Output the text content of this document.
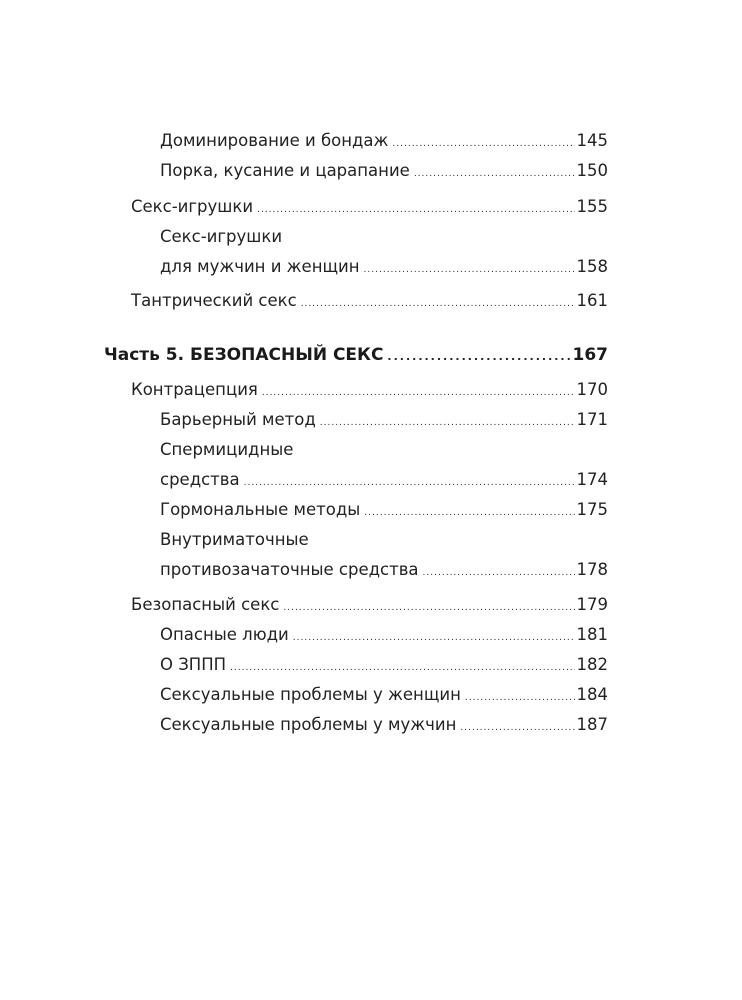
Доминирование и бондаж .....	145
Порка, кусание и царапание .....	150
Секс-игрушки .....	155
Секс-игрушки
для мужчин и женщин .....	158
Тантрический секс .....	161
Часть 5. БЕЗОПАСНЫЙ СЕКС .....	167
Контрацепция .....	170
Барьерный метод .....	171
Спермицидные
средства .....	174
Гормональные методы .....	175
Внутриматочные
противозачаточные средства .....	178
Безопасный секс .....	179
Опасные люди .....	181
О ЗППП .....	182
Сексуальные проблемы у женщин .....	184
Сексуальные проблемы у мужчин .....	187
